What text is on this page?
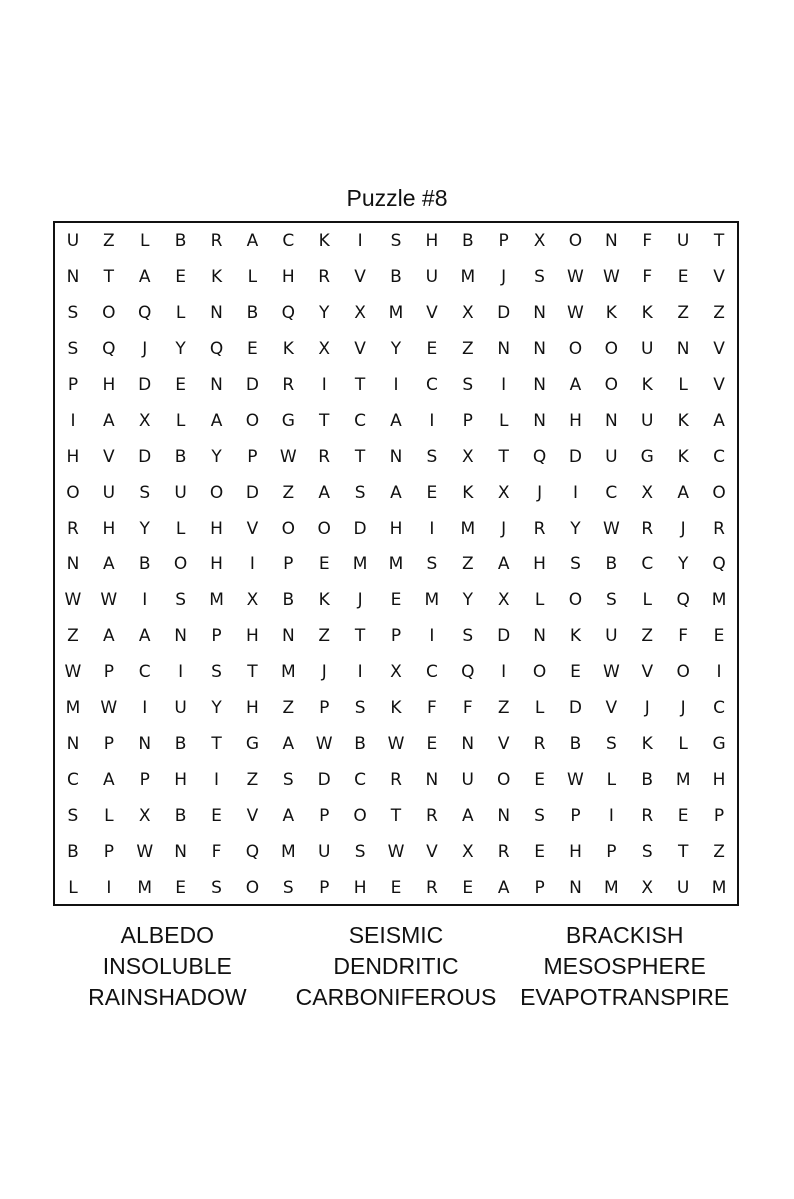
Puzzle #8
U	Z	L	B	R	A	C	K	I	S	H	B	P	X	O	N	F	U	T
N	T	A	E	K	L	H	R	V	B	U	M	J	S	W	W	F	E	V
S	O	Q	L	N	B	Q	Y	X	M	V	X	D	N	W	K	K	Z	Z
S	Q	J	Y	Q	E	K	X	V	Y	E	Z	N	N	O	O	U	N	V
P	H	D	E	N	D	R	I	T	I	C	S	I	N	A	O	K	L	V
I	A	X	L	A	O	G	T	C	A	I	P	L	N	H	N	U	K	A
H	V	D	B	Y	P	W	R	T	N	S	X	T	Q	D	U	G	K	C
O	U	S	U	O	D	Z	A	S	A	E	K	X	J	I	C	X	A	O
R	H	Y	L	H	V	O	O	D	H	I	M	J	R	Y	W	R	J	R
N	A	B	O	H	I	P	E	M	M	S	Z	A	H	S	B	C	Y	Q
W	W	I	S	M	X	B	K	J	E	M	Y	X	L	O	S	L	Q	M
Z	A	A	N	P	H	N	Z	T	P	I	S	D	N	K	U	Z	F	E
W	P	C	I	S	T	M	J	I	X	C	Q	I	O	E	W	V	O	I
M	W	I	U	Y	H	Z	P	S	K	F	F	Z	L	D	V	J	J	C
N	P	N	B	T	G	A	W	B	W	E	N	V	R	B	S	K	L	G
C	A	P	H	I	Z	S	D	C	R	N	U	O	E	W	L	B	M	H
S	L	X	B	E	V	A	P	O	T	R	A	N	S	P	I	R	E	P
B	P	W	N	F	Q	M	U	S	W	V	X	R	E	H	P	S	T	Z
L	I	M	E	S	O	S	P	H	E	R	E	A	P	N	M	X	U	M
ALBEDO
INSOLUBLE
RAINSHADOW
SEISMIC
DENDRITIC
CARBONIFEROUS
BRACKISH
MESOSPHERE
EVAPOTRANSPIRE
